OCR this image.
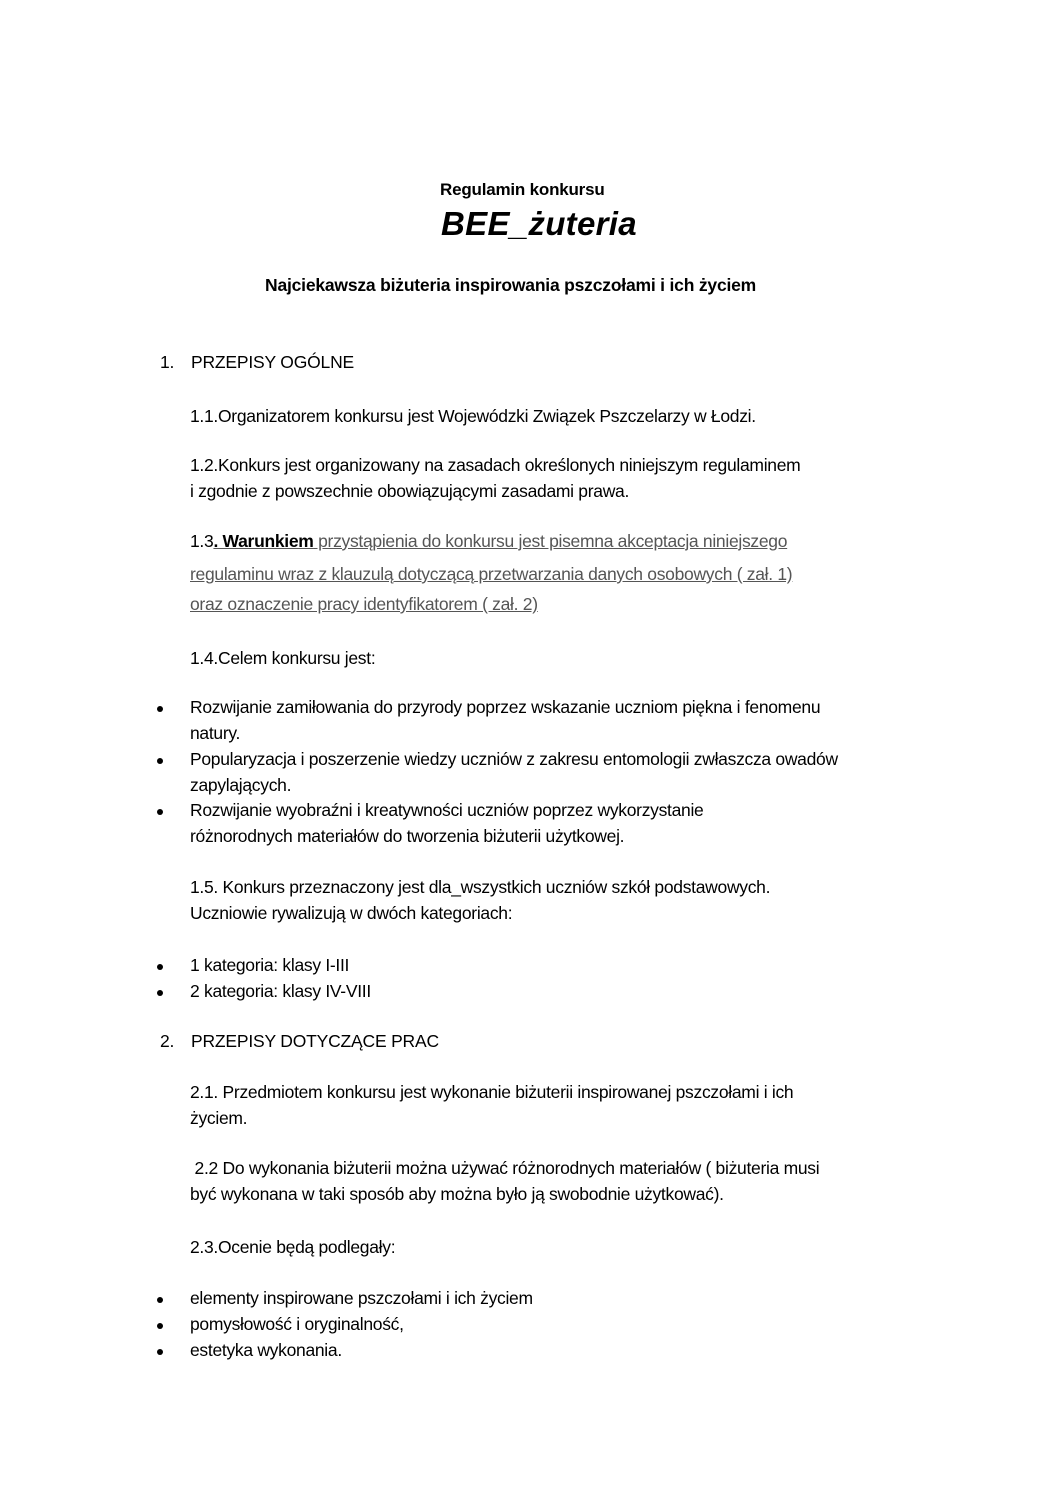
Regulamin konkursu
BEE_żuteria
Najciekawsza biżuteria inspirowania pszczołami i ich życiem
1. PRZEPISY OGÓLNE
1.1.Organizatorem konkursu jest Wojewódzki Związek Pszczelarzy w Łodzi.
1.2.Konkurs jest organizowany na zasadach określonych niniejszym regulaminem
i zgodnie z powszechnie obowiązującymi zasadami prawa.
1.3. Warunkiem przystąpienia do konkursu jest pisemna akceptacja niniejszego
regulaminu wraz z klauzulą dotyczącą przetwarzania danych osobowych ( zał. 1)
oraz oznaczenie pracy identyfikatorem ( zał. 2)
1.4.Celem konkursu jest:
Rozwijanie zamiłowania do przyrody poprzez wskazanie uczniom piękna i fenomenu
natury.
Popularyzacja i poszerzenie wiedzy uczniów z zakresu entomologii zwłaszcza owadów
zapylających.
Rozwijanie wyobraźni i kreatywności uczniów poprzez wykorzystanie
różnorodnych materiałów do tworzenia biżuterii użytkowej.
1.5. Konkurs przeznaczony jest dla_wszystkich uczniów szkół podstawowych.
Uczniowie rywalizują w dwóch kategoriach:
1 kategoria: klasy I-III
2 kategoria: klasy IV-VIII
2. PRZEPISY DOTYCZĄCE PRAC
2.1. Przedmiotem konkursu jest wykonanie biżuterii inspirowanej pszczołami i ich
życiem.
2.2 Do wykonania biżuterii można używać różnorodnych materiałów ( biżuteria musi
być wykonana w taki sposób aby można było ją swobodnie użytkować).
2.3.Ocenie będą podlegały:
elementy inspirowane pszczołami i ich życiem
pomysłowość i oryginalność,
estetyka wykonania.
